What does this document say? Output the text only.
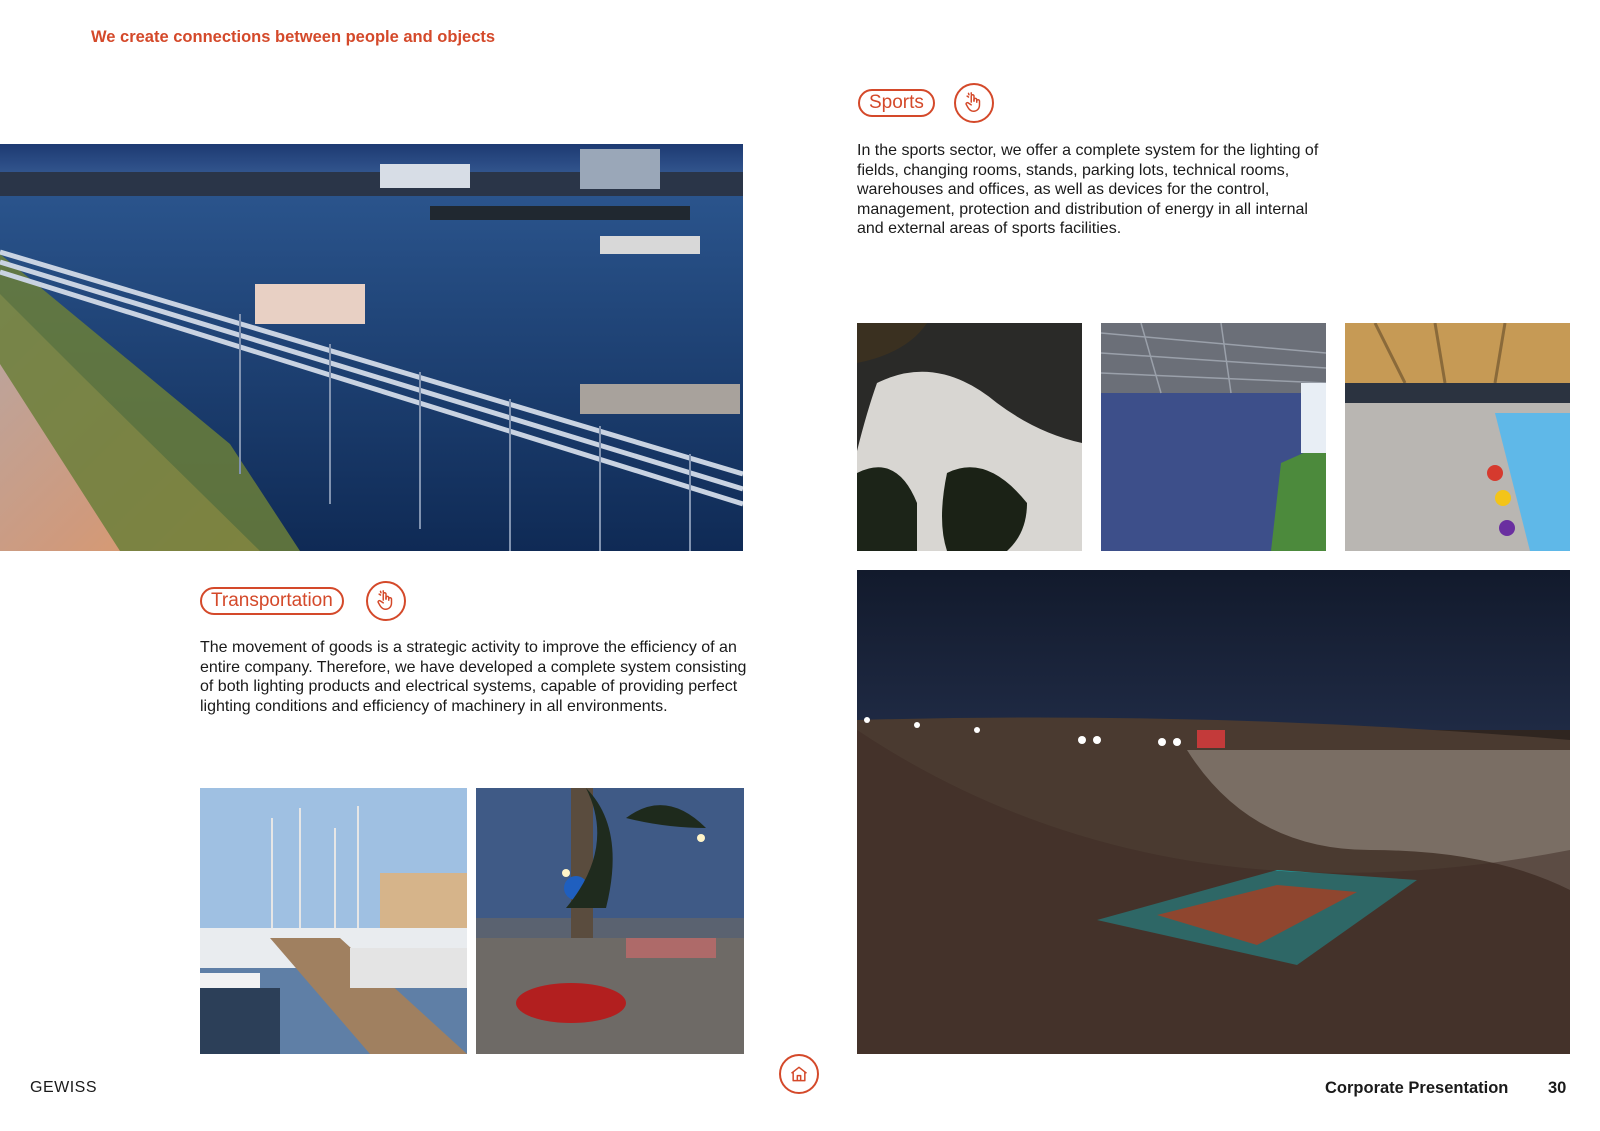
We create connections between people and objects
Transportation
The movement of goods is a strategic activity to improve the efficiency of an entire company. Therefore, we have developed a complete system consisting of both lighting products and electrical systems, capable of providing perfect lighting conditions and efficiency of machinery in all environments.
Sports
In the sports sector, we offer a complete system for the lighting of fields, changing rooms, stands, parking lots, technical rooms, warehouses and offices, as well as devices for the control, management, protection and distribution of energy in all internal and external areas of sports facilities.
GEWISS	Corporate Presentation 30
